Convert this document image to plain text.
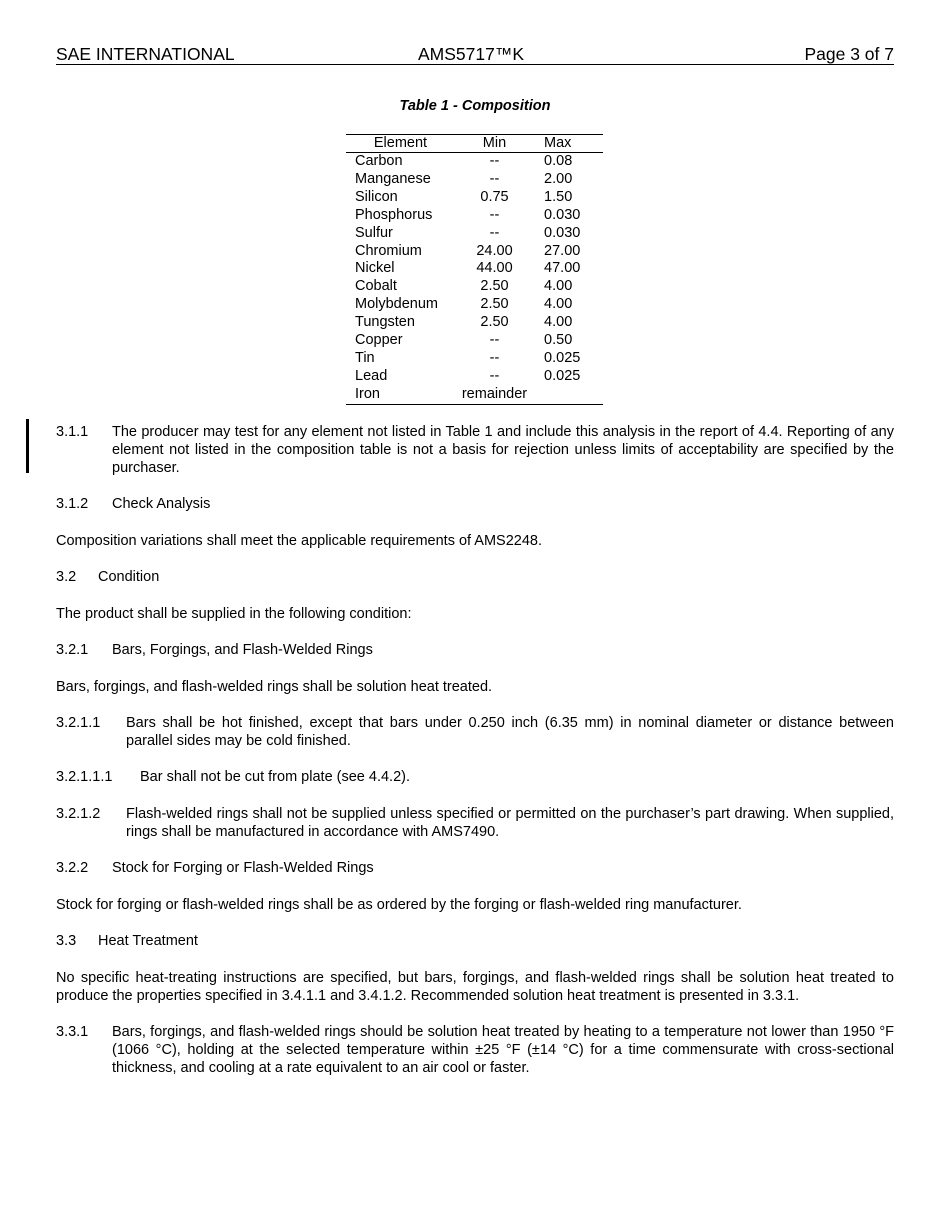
SAE INTERNATIONAL	AMS5717™K	Page 3 of 7
Table 1 - Composition
Element	Min	Max
Carbon	--	0.08
Manganese	--	2.00
Silicon	0.75	1.50
Phosphorus	--	0.030
Sulfur	--	0.030
Chromium	24.00	27.00
Nickel	44.00	47.00
Cobalt	2.50	4.00
Molybdenum	2.50	4.00
Tungsten	2.50	4.00
Copper	--	0.50
Tin	--	0.025
Lead	--	0.025
Iron	remainder	
3.1.1 The producer may test for any element not listed in Table 1 and include this analysis in the report of 4.4. Reporting of any element not listed in the composition table is not a basis for rejection unless limits of acceptability are specified by the purchaser.
3.1.2 Check Analysis
Composition variations shall meet the applicable requirements of AMS2248.
3.2 Condition
The product shall be supplied in the following condition:
3.2.1 Bars, Forgings, and Flash-Welded Rings
Bars, forgings, and flash-welded rings shall be solution heat treated.
3.2.1.1 Bars shall be hot finished, except that bars under 0.250 inch (6.35 mm) in nominal diameter or distance between parallel sides may be cold finished.
3.2.1.1.1 Bar shall not be cut from plate (see 4.4.2).
3.2.1.2 Flash-welded rings shall not be supplied unless specified or permitted on the purchaser’s part drawing. When supplied, rings shall be manufactured in accordance with AMS7490.
3.2.2 Stock for Forging or Flash-Welded Rings
Stock for forging or flash-welded rings shall be as ordered by the forging or flash-welded ring manufacturer.
3.3 Heat Treatment
No specific heat-treating instructions are specified, but bars, forgings, and flash-welded rings shall be solution heat treated to produce the properties specified in 3.4.1.1 and 3.4.1.2. Recommended solution heat treatment is presented in 3.3.1.
3.3.1 Bars, forgings, and flash-welded rings should be solution heat treated by heating to a temperature not lower than 1950 °F (1066 °C), holding at the selected temperature within ±25 °F (±14 °C) for a time commensurate with cross-sectional thickness, and cooling at a rate equivalent to an air cool or faster.
